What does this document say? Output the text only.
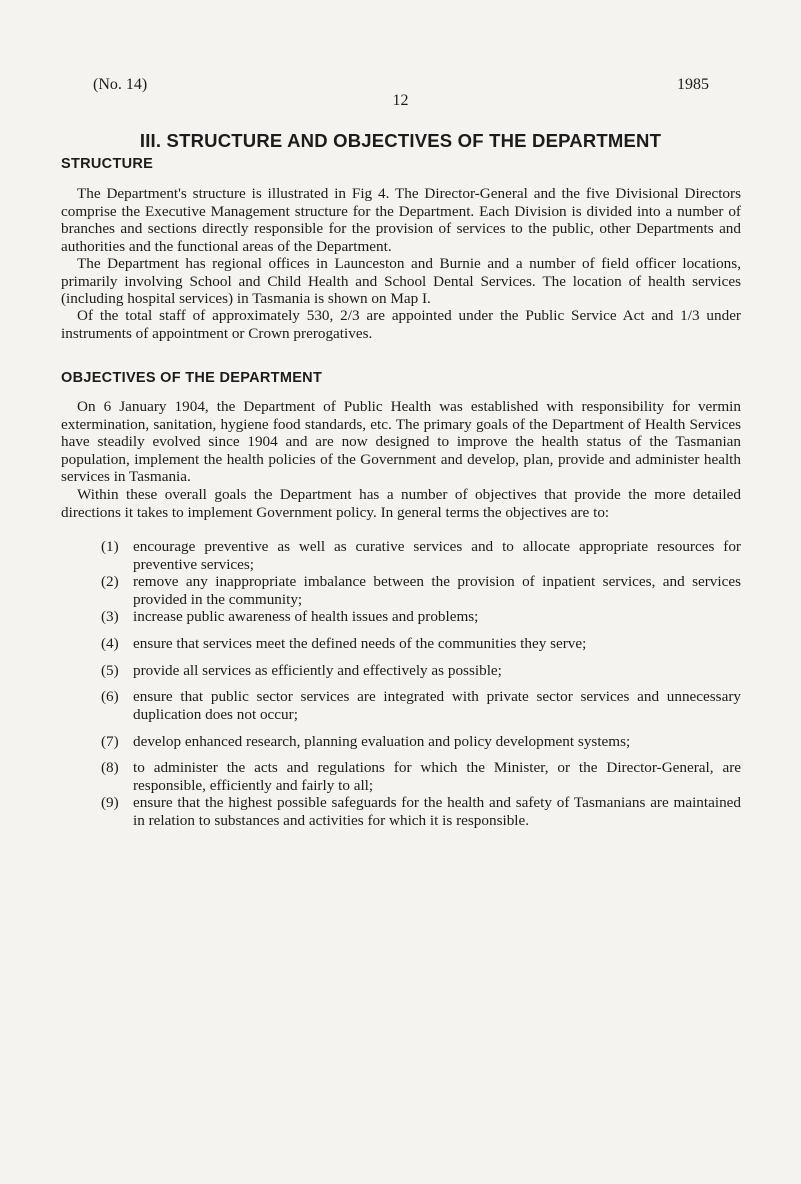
(No. 14)	1985
12
III. STRUCTURE AND OBJECTIVES OF THE DEPARTMENT
STRUCTURE
The Department's structure is illustrated in Fig 4. The Director-General and the five Divisional Directors comprise the Executive Management structure for the Department. Each Division is divided into a number of branches and sections directly responsible for the provision of services to the public, other Departments and authorities and the functional areas of the Department.
The Department has regional offices in Launceston and Burnie and a number of field officer locations, primarily involving School and Child Health and School Dental Services. The location of health services (including hospital services) in Tasmania is shown on Map I.
Of the total staff of approximately 530, 2/3 are appointed under the Public Service Act and 1/3 under instruments of appointment or Crown prerogatives.
OBJECTIVES OF THE DEPARTMENT
On 6 January 1904, the Department of Public Health was established with responsibility for vermin extermination, sanitation, hygiene food standards, etc. The primary goals of the Department of Health Services have steadily evolved since 1904 and are now designed to improve the health status of the Tasmanian population, implement the health policies of the Government and develop, plan, provide and administer health services in Tasmania.
Within these overall goals the Department has a number of objectives that provide the more detailed directions it takes to implement Government policy. In general terms the objectives are to:
(1) encourage preventive as well as curative services and to allocate appropriate resources for preventive services;
(2) remove any inappropriate imbalance between the provision of inpatient services, and services provided in the community;
(3) increase public awareness of health issues and problems;
(4) ensure that services meet the defined needs of the communities they serve;
(5) provide all services as efficiently and effectively as possible;
(6) ensure that public sector services are integrated with private sector services and unnecessary duplication does not occur;
(7) develop enhanced research, planning evaluation and policy development systems;
(8) to administer the acts and regulations for which the Minister, or the Director-General, are responsible, efficiently and fairly to all;
(9) ensure that the highest possible safeguards for the health and safety of Tasmanians are maintained in relation to substances and activities for which it is responsible.
